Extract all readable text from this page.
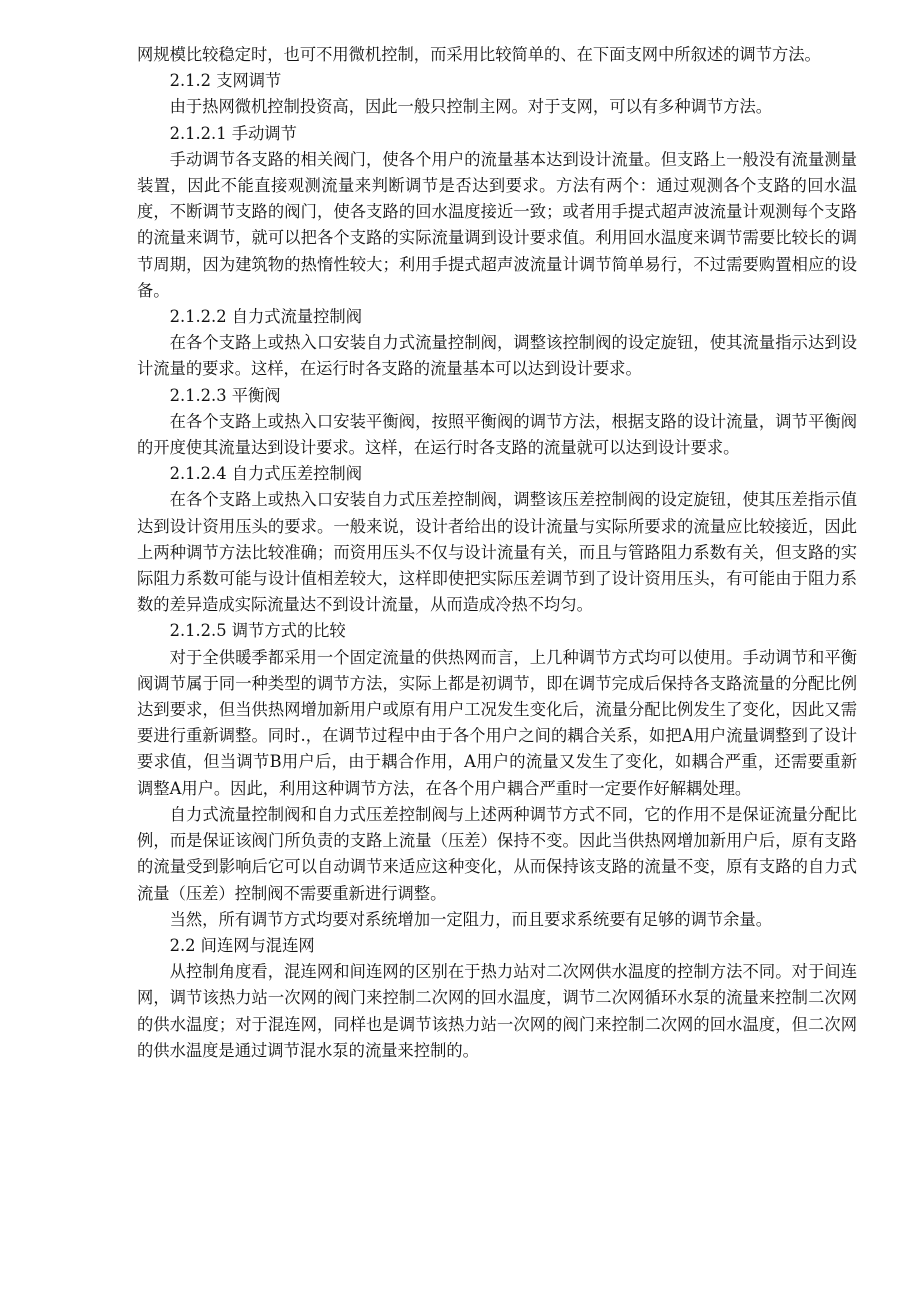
网规模比较稳定时，也可不用微机控制，而采用比较简单的、在下面支网中所叙述的调节方法。

2.1.2 支网调节

由于热网微机控制投资高，因此一般只控制主网。对于支网，可以有多种调节方法。

2.1.2.1 手动调节

手动调节各支路的相关阀门，使各个用户的流量基本达到设计流量。但支路上一般没有流量测量装置，因此不能直接观测流量来判断调节是否达到要求。方法有两个：通过观测各个支路的回水温度，不断调节支路的阀门，使各支路的回水温度接近一致；或者用手提式超声波流量计观测每个支路的流量来调节，就可以把各个支路的实际流量调到设计要求值。利用回水温度来调节需要比较长的调节周期，因为建筑物的热惰性较大；利用手提式超声波流量计调节简单易行，不过需要购置相应的设备。

2.1.2.2 自力式流量控制阀

在各个支路上或热入口安装自力式流量控制阀，调整该控制阀的设定旋钮，使其流量指示达到设计流量的要求。这样，在运行时各支路的流量基本可以达到设计要求。

2.1.2.3 平衡阀

在各个支路上或热入口安装平衡阀，按照平衡阀的调节方法，根据支路的设计流量，调节平衡阀的开度使其流量达到设计要求。这样，在运行时各支路的流量就可以达到设计要求。

2.1.2.4 自力式压差控制阀

在各个支路上或热入口安装自力式压差控制阀，调整该压差控制阀的设定旋钮，使其压差指示值达到设计资用压头的要求。一般来说，设计者给出的设计流量与实际所要求的流量应比较接近，因此上两种调节方法比较准确；而资用压头不仅与设计流量有关，而且与管路阻力系数有关，但支路的实际阻力系数可能与设计值相差较大，这样即使把实际压差调节到了设计资用压头，有可能由于阻力系数的差异造成实际流量达不到设计流量，从而造成冷热不均匀。

2.1.2.5 调节方式的比较

对于全供暖季都采用一个固定流量的供热网而言，上几种调节方式均可以使用。手动调节和平衡阀调节属于同一种类型的调节方法，实际上都是初调节，即在调节完成后保持各支路流量的分配比例达到要求，但当供热网增加新用户或原有用户工况发生变化后，流量分配比例发生了变化，因此又需要进行重新调整。同时.，在调节过程中由于各个用户之间的耦合关系，如把A用户流量调整到了设计要求值，但当调节B用户后，由于耦合作用，A用户的流量又发生了变化，如耦合严重，还需要重新调整A用户。因此，利用这种调节方法，在各个用户耦合严重时一定要作好解耦处理。

自力式流量控制阀和自力式压差控制阀与上述两种调节方式不同，它的作用不是保证流量分配比例，而是保证该阀门所负责的支路上流量（压差）保持不变。因此当供热网增加新用户后，原有支路的流量受到影响后它可以自动调节来适应这种变化，从而保持该支路的流量不变，原有支路的自力式流量（压差）控制阀不需要重新进行调整。

当然，所有调节方式均要对系统增加一定阻力，而且要求系统要有足够的调节余量。

2.2 间连网与混连网

从控制角度看，混连网和间连网的区别在于热力站对二次网供水温度的控制方法不同。对于间连网，调节该热力站一次网的阀门来控制二次网的回水温度，调节二次网循环水泵的流量来控制二次网的供水温度；对于混连网，同样也是调节该热力站一次网的阀门来控制二次网的回水温度，但二次网的供水温度是通过调节混水泵的流量来控制的。
